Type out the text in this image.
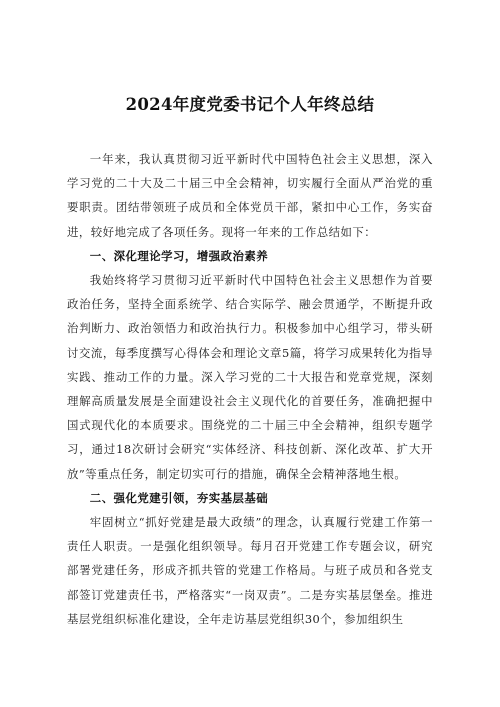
2024年度党委书记个人年终总结

一年来，我认真贯彻习近平新时代中国特色社会主义思想，深入学习党的二十大及二十届三中全会精神，切实履行全面从严治党的重要职责。团结带领班子成员和全体党员干部，紧扣中心工作，务实奋进，较好地完成了各项任务。现将一年来的工作总结如下：

一、深化理论学习，增强政治素养

我始终将学习贯彻习近平新时代中国特色社会主义思想作为首要政治任务，坚持全面系统学、结合实际学、融会贯通学，不断提升政治判断力、政治领悟力和政治执行力。积极参加中心组学习，带头研讨交流，每季度撰写心得体会和理论文章5篇，将学习成果转化为指导实践、推动工作的力量。深入学习党的二十大报告和党章党规，深刻理解高质量发展是全面建设社会主义现代化的首要任务，准确把握中国式现代化的本质要求。围绕党的二十届三中全会精神，组织专题学习，通过18次研讨会研究“实体经济、科技创新、深化改革、扩大开放”等重点任务，制定切实可行的措施，确保全会精神落地生根。

二、强化党建引领，夯实基层基础

牢固树立“抓好党建是最大政绩”的理念，认真履行党建工作第一责任人职责。一是强化组织领导。每月召开党建工作专题会议，研究部署党建任务，形成齐抓共管的党建工作格局。与班子成员和各党支部签订党建责任书，严格落实“一岗双责”。二是夯实基层堡垒。推进基层党组织标准化建设，全年走访基层党组织30个，参加组织生
